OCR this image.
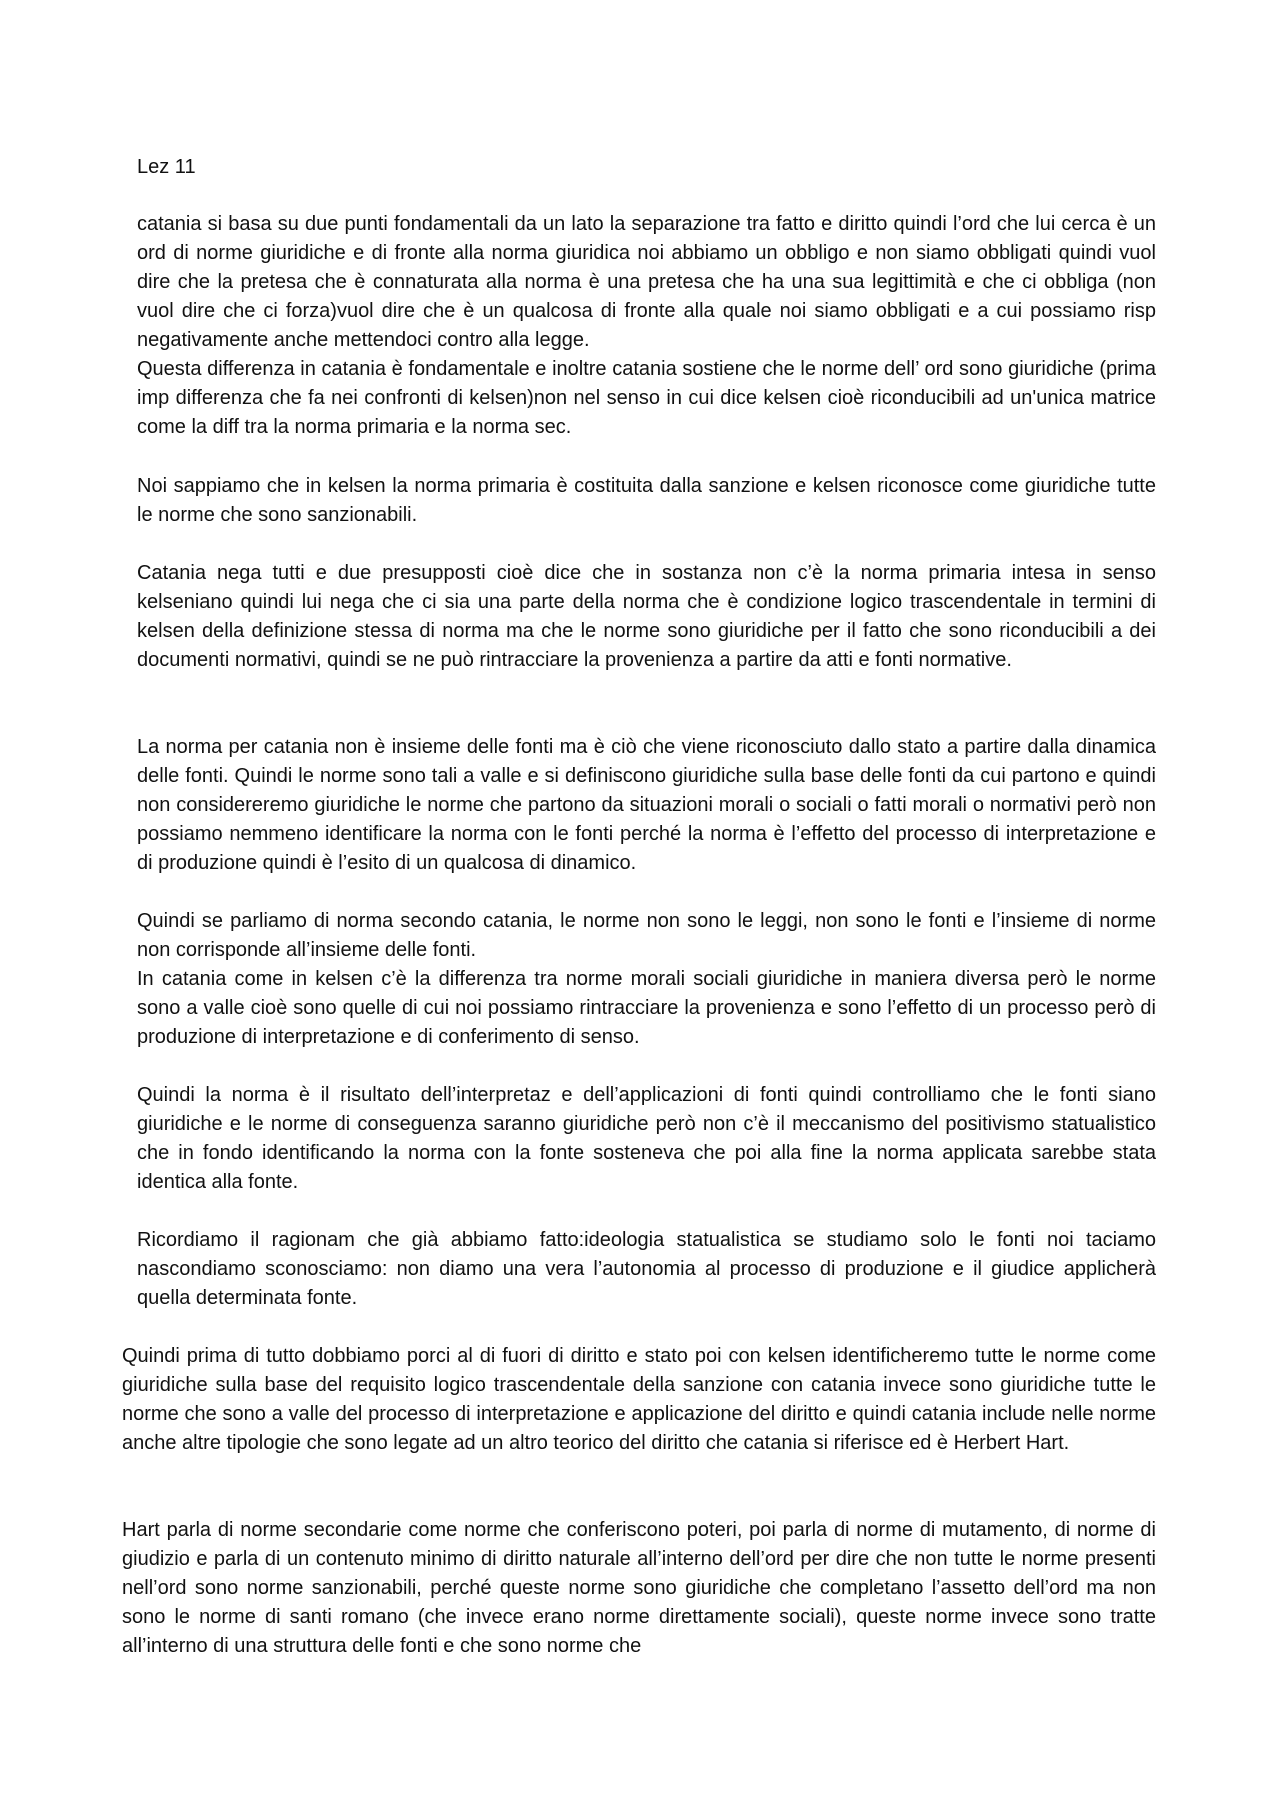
Lez 11

catania si basa su due punti fondamentali da un lato la separazione tra fatto e diritto quindi l’ord che lui cerca è un ord di norme giuridiche e di fronte alla norma giuridica noi abbiamo un obbligo e non siamo obbligati quindi vuol dire che la pretesa che è connaturata alla norma è una pretesa che ha una sua legittimità e che ci obbliga (non vuol dire che ci forza)vuol dire che è un qualcosa di fronte alla quale noi siamo obbligati e a cui possiamo risp negativamente anche mettendoci contro alla legge.

Questa differenza in catania è fondamentale e inoltre catania sostiene che le norme dell’ ord sono giuridiche (prima imp differenza che fa nei confronti di kelsen)non nel senso in cui dice kelsen cioè riconducibili ad un'unica matrice come la diff tra la norma primaria e la norma sec.

Noi sappiamo che in kelsen la norma primaria è costituita dalla sanzione e kelsen riconosce come giuridiche tutte le norme che sono sanzionabili.

Catania nega tutti e due presupposti cioè dice che in sostanza non c’è la norma primaria intesa in senso kelseniano quindi lui nega che ci sia una parte della norma che è condizione logico trascendentale in termini di kelsen della definizione stessa di norma ma che le norme sono giuridiche per il fatto che sono riconducibili a dei documenti normativi, quindi se ne può rintracciare la provenienza a partire da atti e fonti normative.

La norma per catania non è insieme delle fonti ma è ciò che viene riconosciuto dallo stato a partire dalla dinamica delle fonti. Quindi le norme sono tali a valle e si definiscono giuridiche sulla base delle fonti da cui partono e quindi non considereremo giuridiche le norme che partono da situazioni morali o sociali o fatti morali o normativi però non possiamo nemmeno identificare la norma con le fonti perché la norma è l’effetto del processo di interpretazione e di produzione quindi è l’esito di un qualcosa di dinamico.

Quindi se parliamo di norma secondo catania, le norme non sono le leggi, non sono le fonti e l’insieme di norme non corrisponde all’insieme delle fonti.

In catania come in kelsen c’è la differenza tra norme morali sociali giuridiche in maniera diversa però le norme sono a valle cioè sono quelle di cui noi possiamo rintracciare la provenienza e sono l’effetto di un processo però di produzione di interpretazione e di conferimento di senso.

Quindi la norma è il risultato dell’interpretaz e dell’applicazioni di fonti quindi controlliamo che le fonti siano giuridiche e le norme di conseguenza saranno giuridiche però non c’è il meccanismo del positivismo statualistico che in fondo identificando la norma con la fonte sosteneva che poi alla fine la norma applicata sarebbe stata identica alla fonte.

Ricordiamo il ragionam che già abbiamo fatto:ideologia statualistica se studiamo solo le fonti noi taciamo nascondiamo sconosciamo: non diamo una vera l’autonomia al processo di produzione e il giudice applicherà quella determinata fonte.

Quindi prima di tutto dobbiamo porci al di fuori di diritto e stato poi con kelsen identificheremo tutte le norme come giuridiche sulla base del requisito logico trascendentale della sanzione con catania invece sono giuridiche tutte le norme che sono a valle del processo di interpretazione e applicazione del diritto e quindi catania include nelle norme anche altre tipologie che sono legate ad un altro teorico del diritto che catania si riferisce ed è Herbert Hart.

Hart parla di norme secondarie come norme che conferiscono poteri, poi parla di norme di mutamento, di norme di giudizio e parla di un contenuto minimo di diritto naturale all’interno dell’ord per dire che non tutte le norme presenti nell’ord sono norme sanzionabili, perché queste norme sono giuridiche che completano l’assetto dell’ord ma non sono le norme di santi romano (che invece erano norme direttamente sociali), queste norme invece sono tratte all’interno di una struttura delle fonti e che sono norme che
